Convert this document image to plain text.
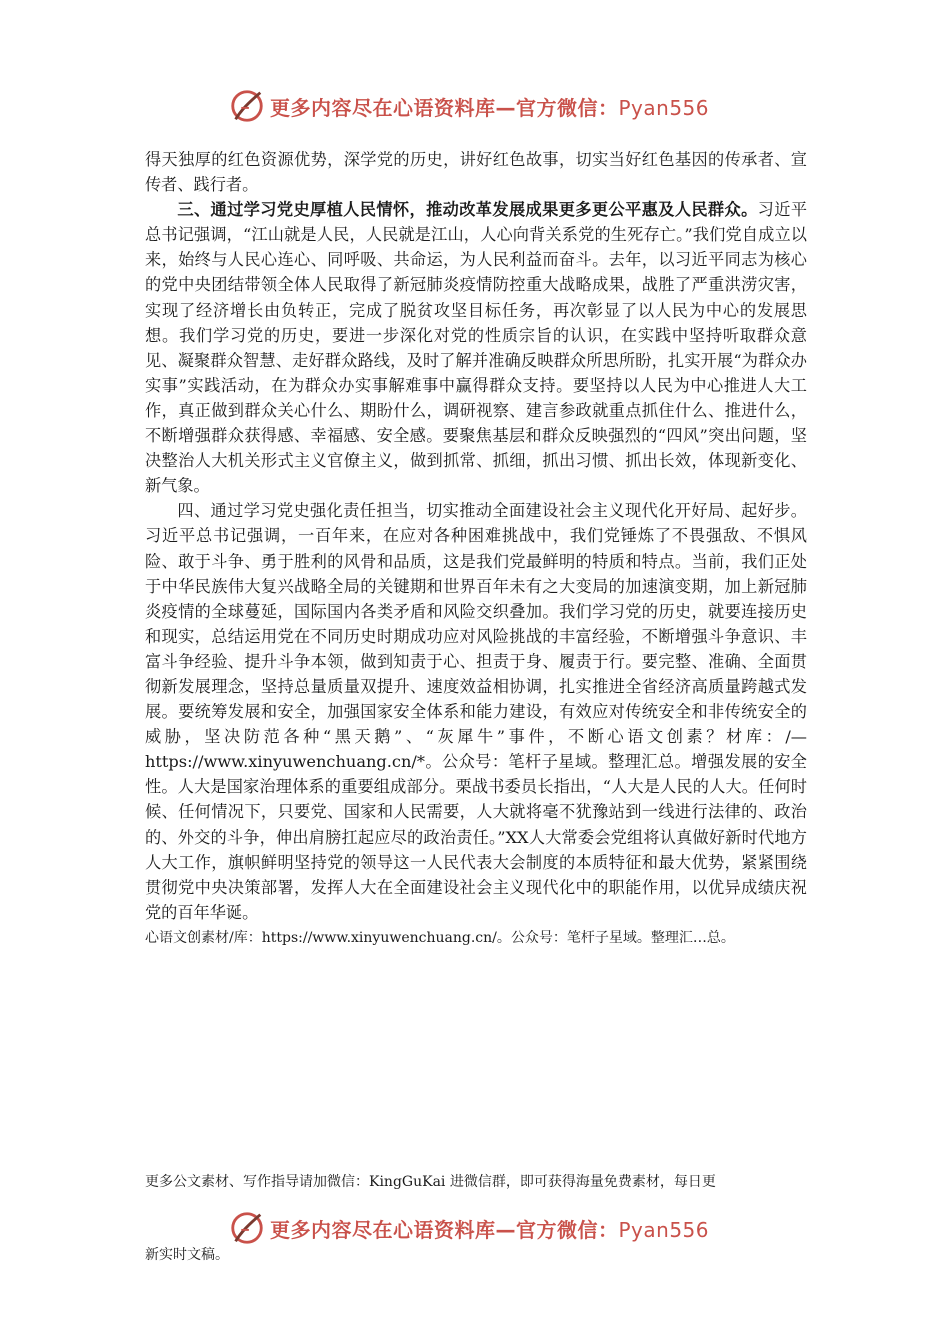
更多内容尽在心语资料库—官方微信：Pyan556

得天独厚的红色资源优势，深学党的历史，讲好红色故事，切实当好红色基因的传承者、宣传者、践行者。

三、通过学习党史厚植人民情怀，推动改革发展成果更多更公平惠及人民群众。习近平总书记强调，“江山就是人民，人民就是江山，人心向背关系党的生死存亡。”我们党自成立以来，始终与人民心连心、同呼吸、共命运，为人民利益而奋斗。去年，以习近平同志为核心的党中央团结带领全体人民取得了新冠肺炎疫情防控重大战略成果，战胜了严重洪涝灾害，实现了经济增长由负转正，完成了脱贫攻坚目标任务，再次彰显了以人民为中心的发展思想。我们学习党的历史，要进一步深化对党的性质宗旨的认识，在实践中坚持听取群众意见、凝聚群众智慧、走好群众路线，及时了解并准确反映群众所思所盼，扎实开展“为群众办实事”实践活动，在为群众办实事解难事中赢得群众支持。要坚持以人民为中心推进人大工作，真正做到群众关心什么、期盼什么，调研视察、建言参政就重点抓住什么、推进什么，不断增强群众获得感、幸福感、安全感。要聚焦基层和群众反映强烈的“四风”突出问题，坚决整治人大机关形式主义官僚主义，做到抓常、抓细，抓出习惯、抓出长效，体现新变化、新气象。

四、通过学习党史强化责任担当，切实推动全面建设社会主义现代化开好局、起好步。习近平总书记强调，一百年来，在应对各种困难挑战中，我们党锤炼了不畏强敌、不惧风险、敢于斗争、勇于胜利的风骨和品质，这是我们党最鲜明的特质和特点。当前，我们正处于中华民族伟大复兴战略全局的关键期和世界百年未有之大变局的加速演变期，加上新冠肺炎疫情的全球蔓延，国际国内各类矛盾和风险交织叠加。我们学习党的历史，就要连接历史和现实，总结运用党在不同历史时期成功应对风险挑战的丰富经验，不断增强斗争意识、丰富斗争经验、提升斗争本领，做到知责于心、担责于身、履责于行。要完整、准确、全面贯彻新发展理念，坚持总量质量双提升、速度效益相协调，扎实推进全省经济高质量跨越式发展。要统筹发展和安全，加强国家安全体系和能力建设，有效应对传统安全和非传统安全的威胁，坚决防范各种“黑天鹅”、“灰犀牛”事件，不断心语文创素？材库：/—https://www.xinyuwenchuang.cn/*。公众号：笔杆子星域。整理汇总。增强发展的安全性。人大是国家治理体系的重要组成部分。栗战书委员长指出，“人大是人民的人大。任何时候、任何情况下，只要党、国家和人民需要，人大就将毫不犹豫站到一线进行法律的、政治的、外交的斗争，伸出肩膀扛起应尽的政治责任。”XX人大常委会党组将认真做好新时代地方人大工作，旗帜鲜明坚持党的领导这一人民代表大会制度的本质特征和最大优势，紧紧围绕贯彻党中央决策部署，发挥人大在全面建设社会主义现代化中的职能作用，以优异成绩庆祝党的百年华诞。

心语文创素材/库：https://www.xinyuwenchuang.cn/。公众号：笔杆子星域。整理汇…总。

更多公文素材、写作指导请加微信：KingGuKai 进微信群，即可获得海量免费素材，每日更
更多内容尽在心语资料库—官方微信：Pyan556
新实时文稿。
